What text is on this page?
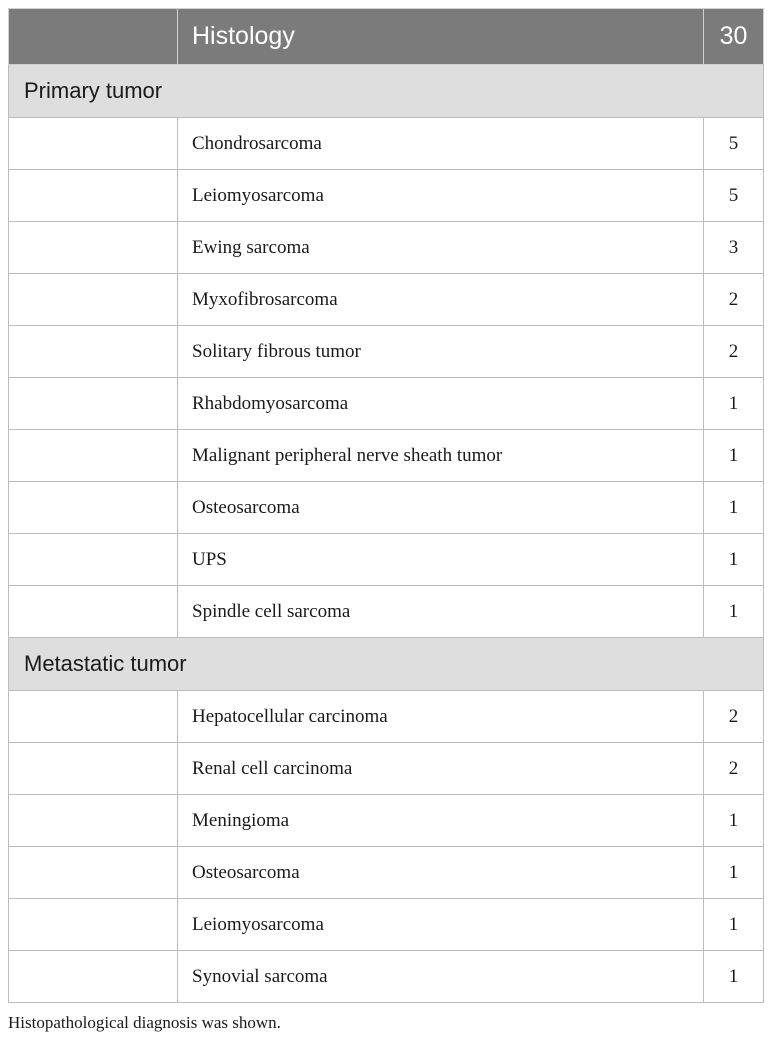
	Histology	30
Primary tumor		
	Chondrosarcoma	5
	Leiomyosarcoma	5
	Ewing sarcoma	3
	Myxofibrosarcoma	2
	Solitary fibrous tumor	2
	Rhabdomyosarcoma	1
	Malignant peripheral nerve sheath tumor	1
	Osteosarcoma	1
	UPS	1
	Spindle cell sarcoma	1
Metastatic tumor		
	Hepatocellular carcinoma	2
	Renal cell carcinoma	2
	Meningioma	1
	Osteosarcoma	1
	Leiomyosarcoma	1
	Synovial sarcoma	1
Histopathological diagnosis was shown.
